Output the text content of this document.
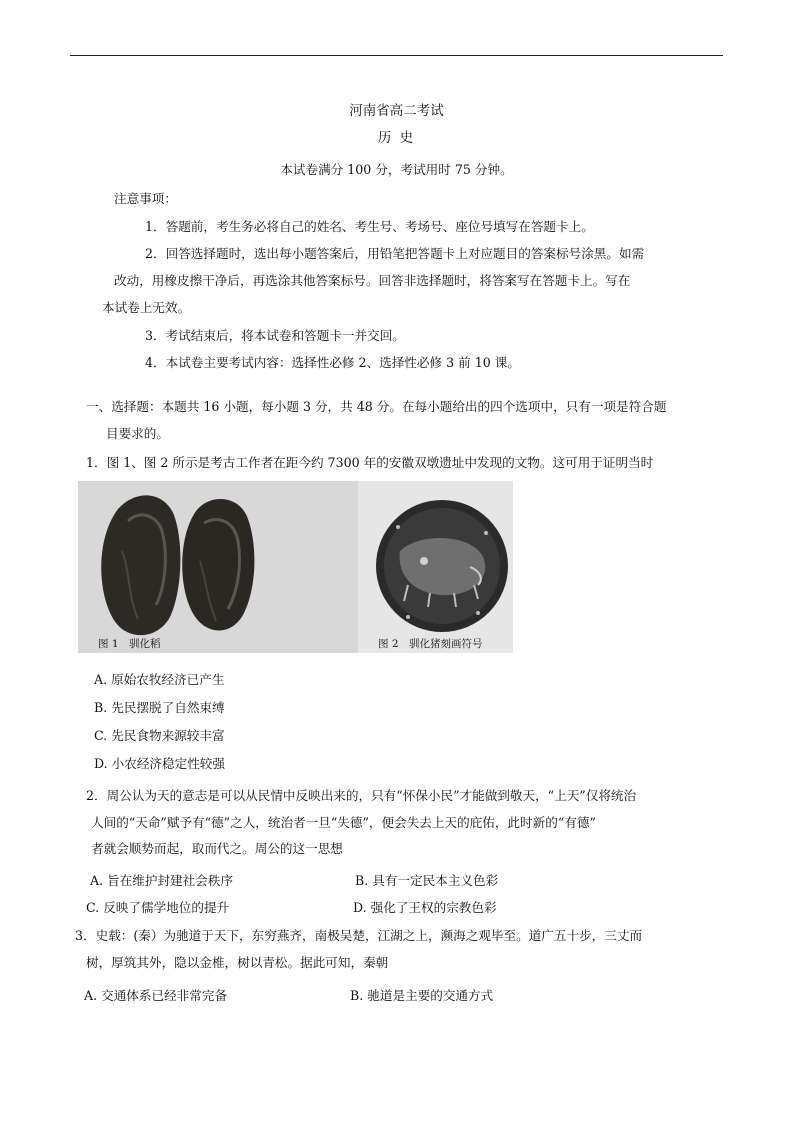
河南省高二考试
历 史
本试卷满分 100 分，考试用时 75 分钟。

注意事项：

1．答题前，考生务必将自己的姓名、考生号、考场号、座位号填写在答题卡上。

2．回答选择题时，选出每小题答案后，用铅笔把答题卡上对应题目的答案标号涂黑。如需

改动，用橡皮擦干净后，再选涂其他答案标号。回答非选择题时，将答案写在答题卡上。写在

本试卷上无效。

3．考试结束后，将本试卷和答题卡一并交回。

4．本试卷主要考试内容：选择性必修 2、选择性必修 3 前 10 课。

一、选择题：本题共 16 小题，每小题 3 分，共 48 分。在每小题给出的四个选项中，只有一项是符合题

目要求的。

1．图 1、图 2 所示是考古工作者在距今约 7300 年的安徽双墩遗址中发现的文物。这可用于证明当时

图 1　驯化稻	图 2　驯化猪刻画符号

A. 原始农牧经济已产生

B. 先民摆脱了自然束缚

C. 先民食物来源较丰富

D. 小农经济稳定性较强

2．周公认为天的意志是可以从民情中反映出来的，只有“怀保小民”才能做到敬天，“上天”仅将统治

人间的“天命”赋予有“德”之人，统治者一旦“失德”，便会失去上天的庇佑，此时新的“有德”

者就会顺势而起，取而代之。周公的这一思想

A. 旨在维护封建社会秩序	B. 具有一定民本主义色彩

C. 反映了儒学地位的提升	D. 强化了王权的宗教色彩

3．史载：(秦）为驰道于天下，东穷燕齐，南极吴楚，江湖之上，濒海之观毕至。道广五十步，三丈而

树，厚筑其外，隐以金椎，树以青松。据此可知，秦朝

A. 交通体系已经非常完备	B. 驰道是主要的交通方式
